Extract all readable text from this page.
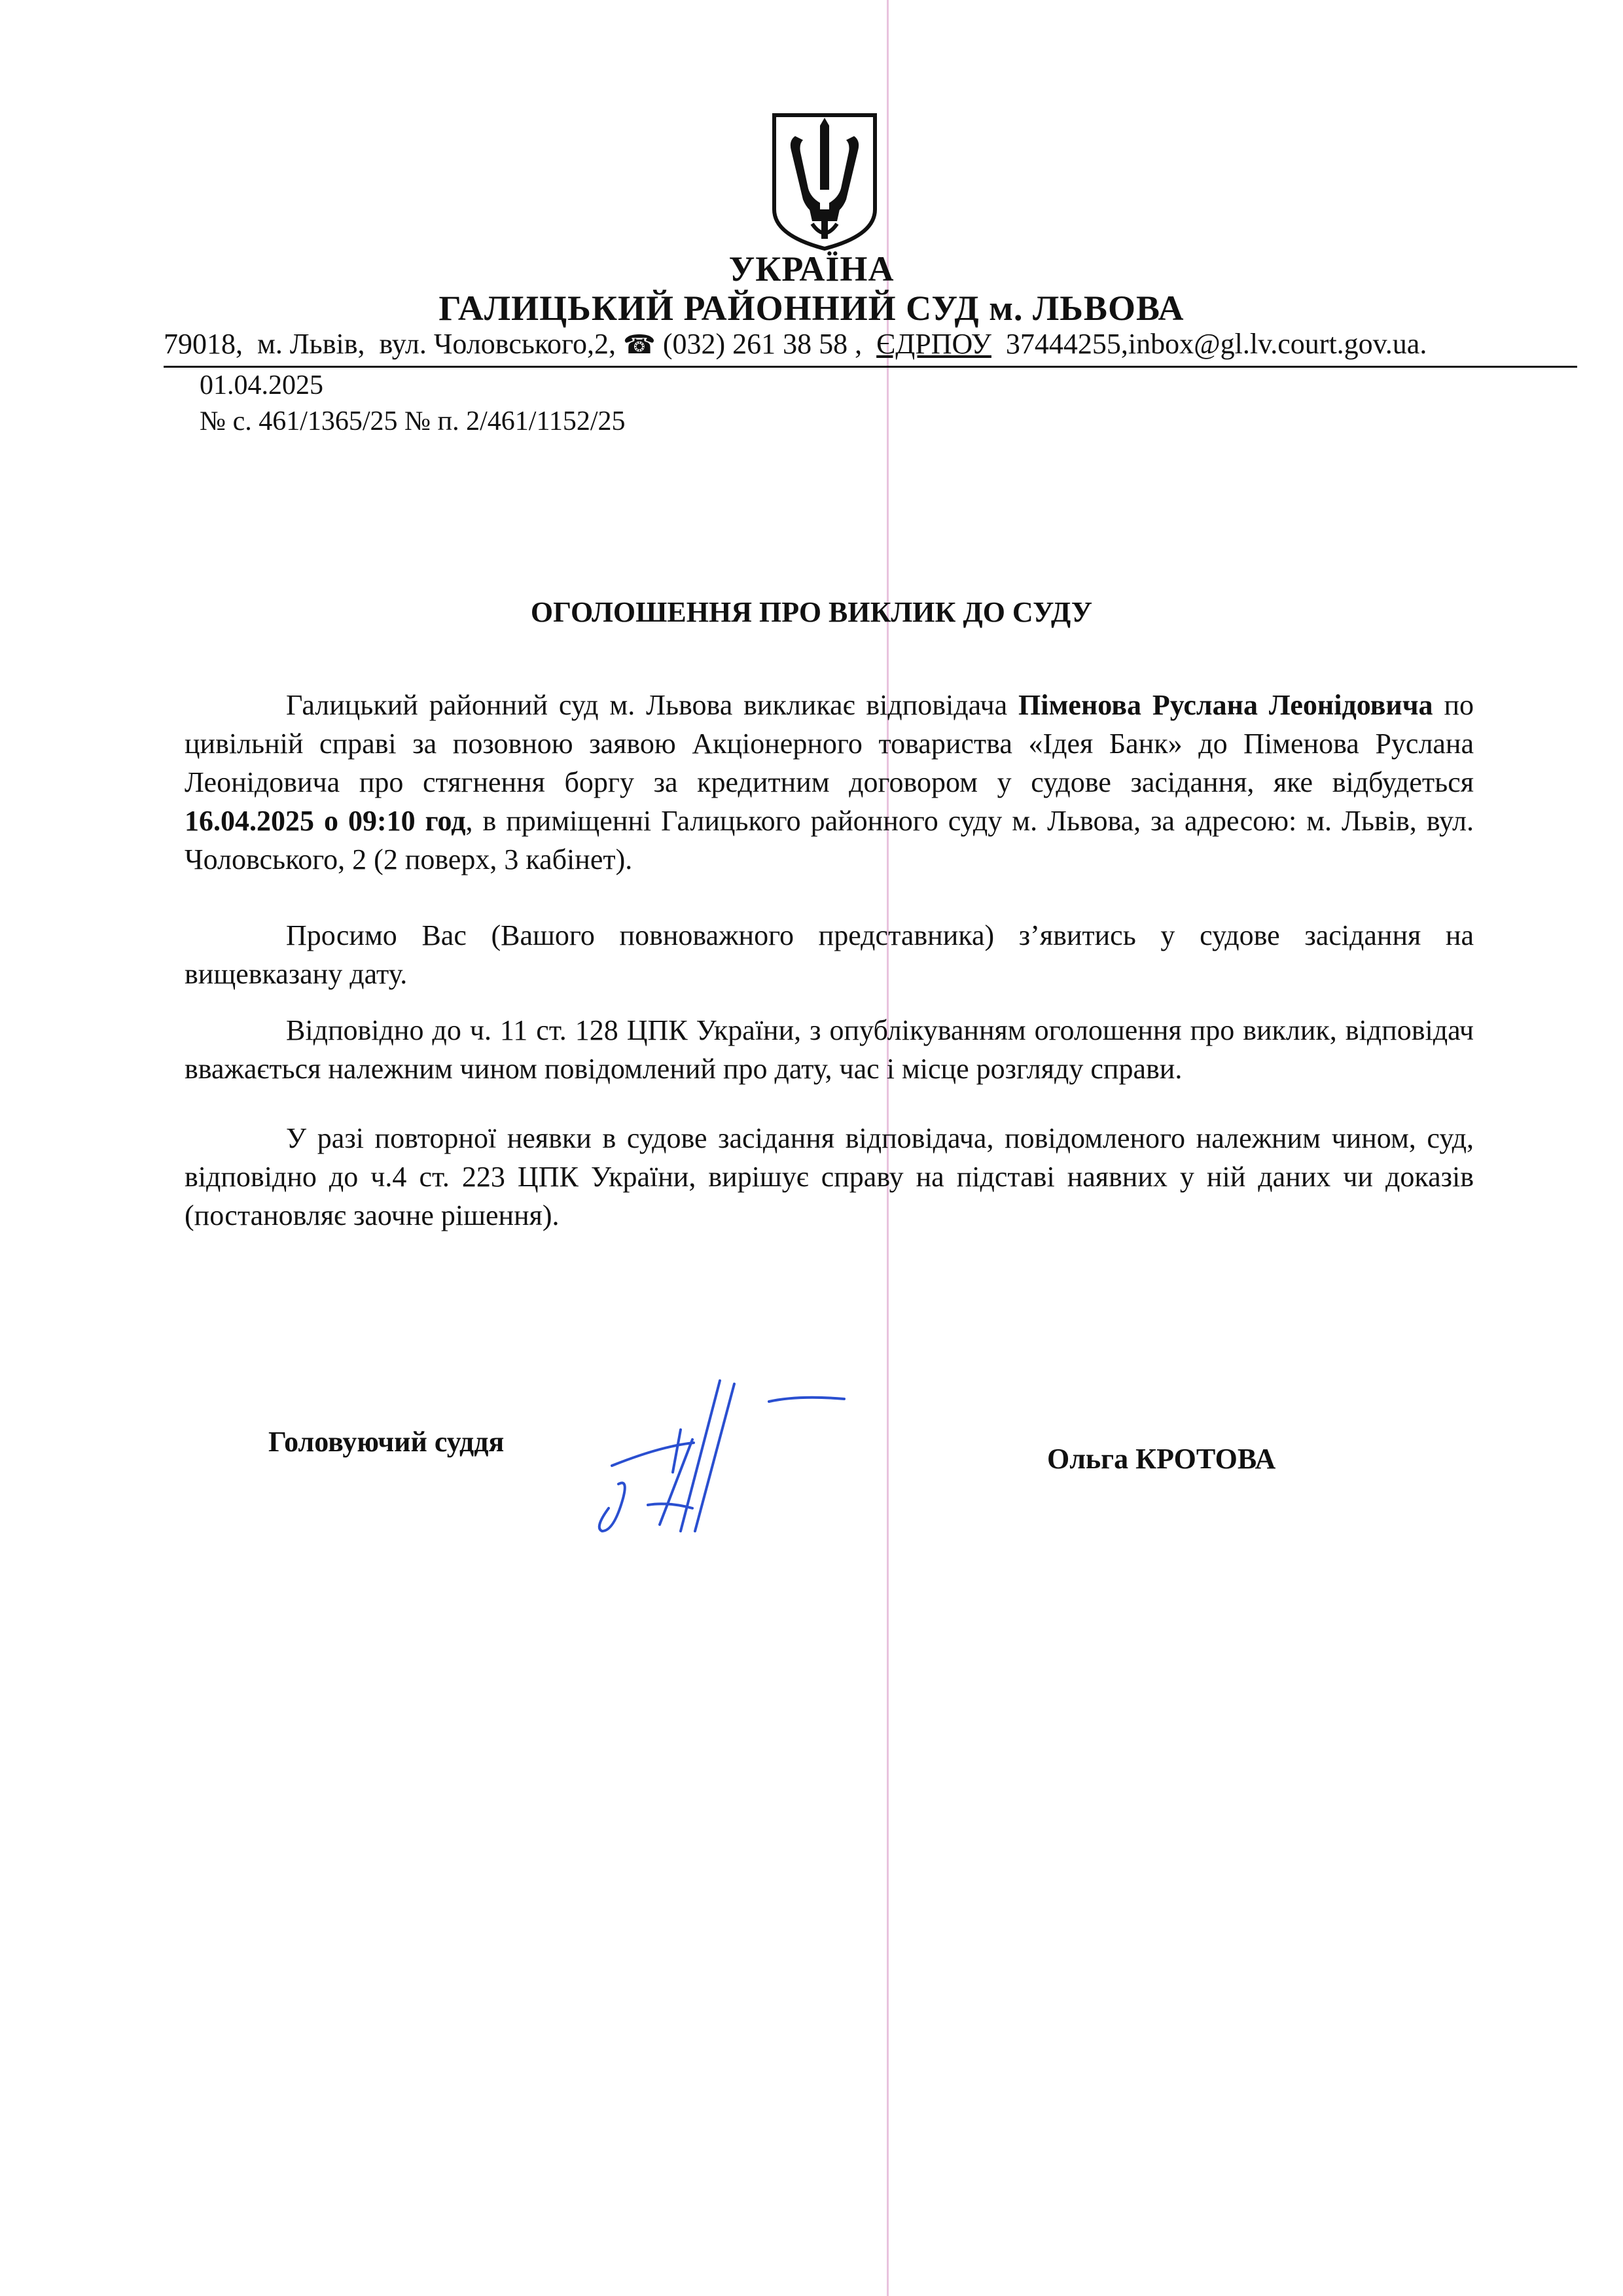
УКРАЇНА
ГАЛИЦЬКИЙ РАЙОННИЙ СУД м. ЛЬВОВА
79018, м. Львів, вул. Чоловського,2, ☎ (032) 261 38 58 , ЄДРПОУ 37444255,inbox@gl.lv.court.gov.ua.
01.04.2025
№ с. 461/1365/25 № п. 2/461/1152/25
ОГОЛОШЕННЯ ПРО ВИКЛИК ДО СУДУ

Галицький районний суд м. Львова викликає відповідача Піменова Руслана Леонідовича по цивільній справі за позовною заявою Акціонерного товариства «Ідея Банк» до Піменова Руслана Леонідовича про стягнення боргу за кредитним договором у судове засідання, яке відбудеться 16.04.2025 о 09:10 год, в приміщенні Галицького районного суду м. Львова, за адресою: м. Львів, вул. Чоловського, 2 (2 поверх, 3 кабінет).

Просимо Вас (Вашого повноважного представника) з’явитись у судове засідання на вищевказану дату.

Відповідно до ч. 11 ст. 128 ЦПК України, з опублікуванням оголошення про виклик, відповідач вважається належним чином повідомлений про дату, час і місце розгляду справи.

У разі повторної неявки в судове засідання відповідача, повідомленого належним чином, суд, відповідно до ч.4 ст. 223 ЦПК України, вирішує справу на підставі наявних у ній даних чи доказів (постановляє заочне рішення).

Головуючий суддя
Ольга КРОТОВА
